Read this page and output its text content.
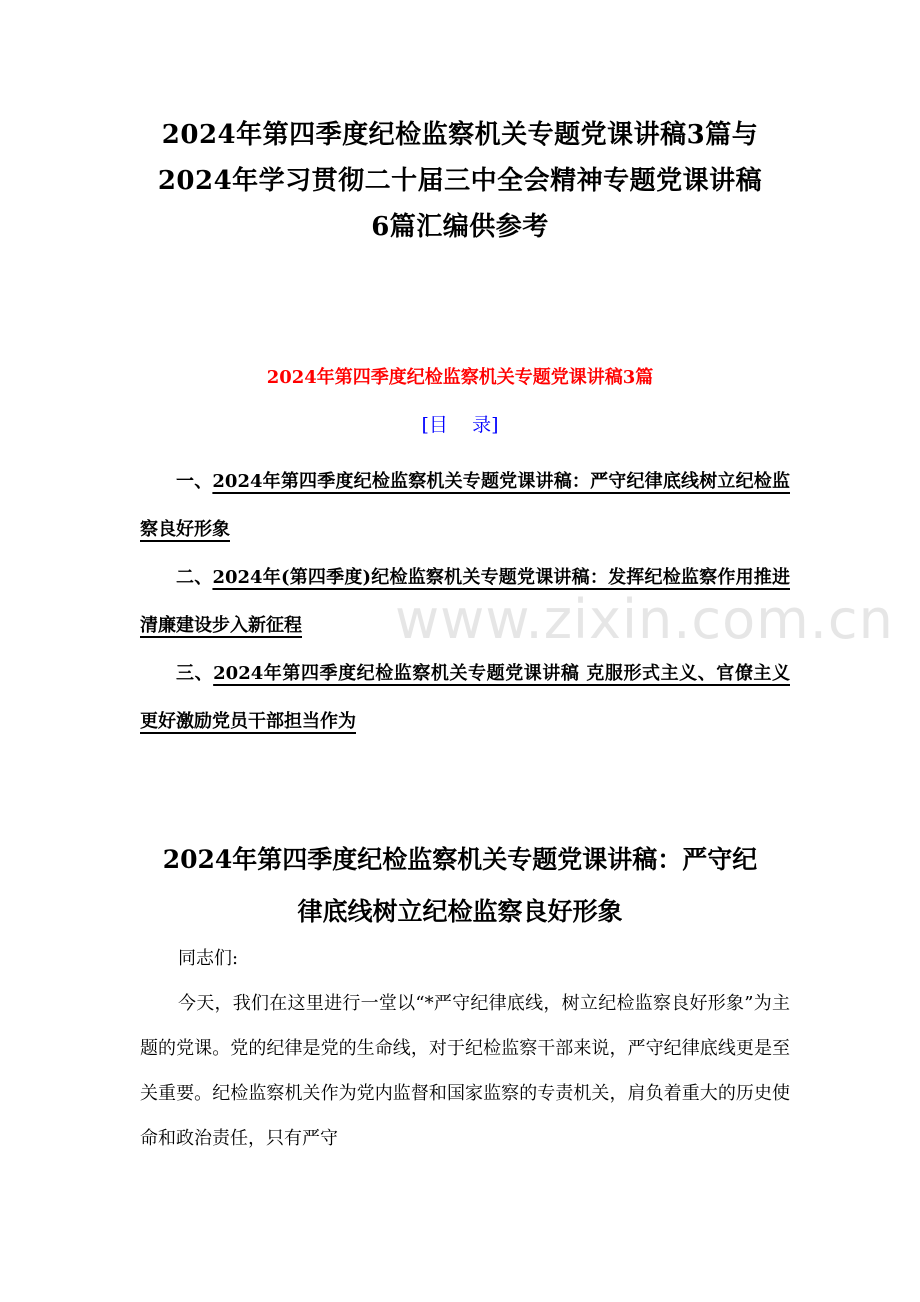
2024年第四季度纪检监察机关专题党课讲稿3篇与
2024年学习贯彻二十届三中全会精神专题党课讲稿
6篇汇编供参考
2024年第四季度纪检监察机关专题党课讲稿3篇
[目    录]
一、2024年第四季度纪检监察机关专题党课讲稿：严守纪律底线树立纪检监察良好形象
二、2024年(第四季度)纪检监察机关专题党课讲稿：发挥纪检监察作用推进清廉建设步入新征程
三、2024年第四季度纪检监察机关专题党课讲稿 克服形式主义、官僚主义更好激励党员干部担当作为
www.zixin.com.cn
2024年第四季度纪检监察机关专题党课讲稿：严守纪
律底线树立纪检监察良好形象

同志们:

今天，我们在这里进行一堂以“*严守纪律底线，树立纪检监察良好形象”为主题的党课。党的纪律是党的生命线，对于纪检监察干部来说，严守纪律底线更是至关重要。纪检监察机关作为党内监督和国家监察的专责机关，肩负着重大的历史使命和政治责任，只有严守
